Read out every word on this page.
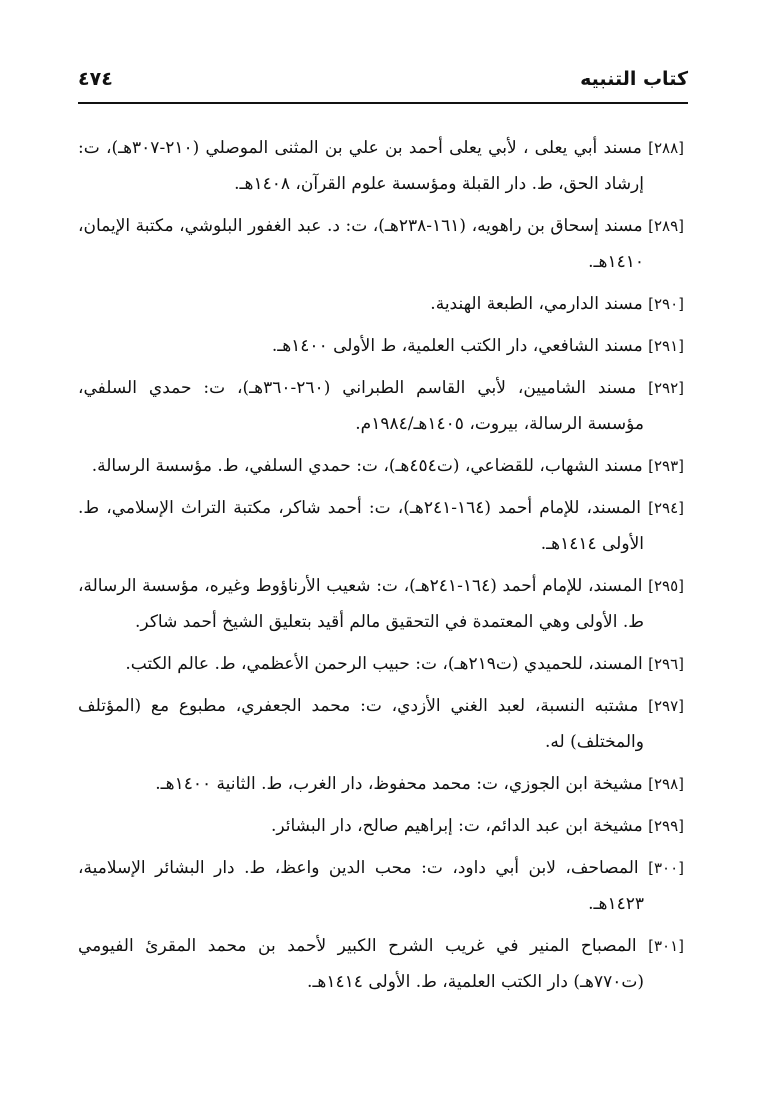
كتاب التنبيه
٤٧٤

[٢٨٨] مسند أبي يعلى ، لأبي يعلى أحمد بن علي بن المثنى الموصلي (٢١٠-٣٠٧هـ)، ت: إرشاد الحق، ط. دار القبلة ومؤسسة علوم القرآن، ١٤٠٨هـ.

[٢٨٩] مسند إسحاق بن راهويه، (١٦١-٢٣٨هـ)، ت: د. عبد الغفور البلوشي، مكتبة الإيمان، ١٤١٠هـ.

[٢٩٠] مسند الدارمي، الطبعة الهندية.

[٢٩١] مسند الشافعي، دار الكتب العلمية، ط الأولى ١٤٠٠هـ.

[٢٩٢] مسند الشاميين، لأبي القاسم الطبراني (٢٦٠-٣٦٠هـ)، ت: حمدي السلفي، مؤسسة الرسالة، بيروت، ١٤٠٥هـ/١٩٨٤م.

[٢٩٣] مسند الشهاب، للقضاعي، (ت٤٥٤هـ)، ت: حمدي السلفي، ط. مؤسسة الرسالة.

[٢٩٤] المسند، للإمام أحمد (١٦٤-٢٤١هـ)، ت: أحمد شاكر، مكتبة التراث الإسلامي، ط. الأولى ١٤١٤هـ.

[٢٩٥] المسند، للإمام أحمد (١٦٤-٢٤١هـ)، ت: شعيب الأرناؤوط وغيره، مؤسسة الرسالة، ط. الأولى وهي المعتمدة في التحقيق مالم أقيد بتعليق الشيخ أحمد شاكر.

[٢٩٦] المسند، للحميدي (ت٢١٩هـ)، ت: حبيب الرحمن الأعظمي، ط. عالم الكتب.

[٢٩٧] مشتبه النسبة، لعبد الغني الأزدي، ت: محمد الجعفري، مطبوع مع (المؤتلف والمختلف) له.

[٢٩٨] مشيخة ابن الجوزي، ت: محمد محفوظ، دار الغرب، ط. الثانية ١٤٠٠هـ.

[٢٩٩] مشيخة ابن عبد الدائم، ت: إبراهيم صالح، دار البشائر.

[٣٠٠] المصاحف، لابن أبي داود، ت: محب الدين واعظ، ط. دار البشائر الإسلامية، ١٤٢٣هـ.

[٣٠١] المصباح المنير في غريب الشرح الكبير لأحمد بن محمد المقرئ الفيومي (ت٧٧٠هـ) دار الكتب العلمية، ط. الأولى ١٤١٤هـ.
